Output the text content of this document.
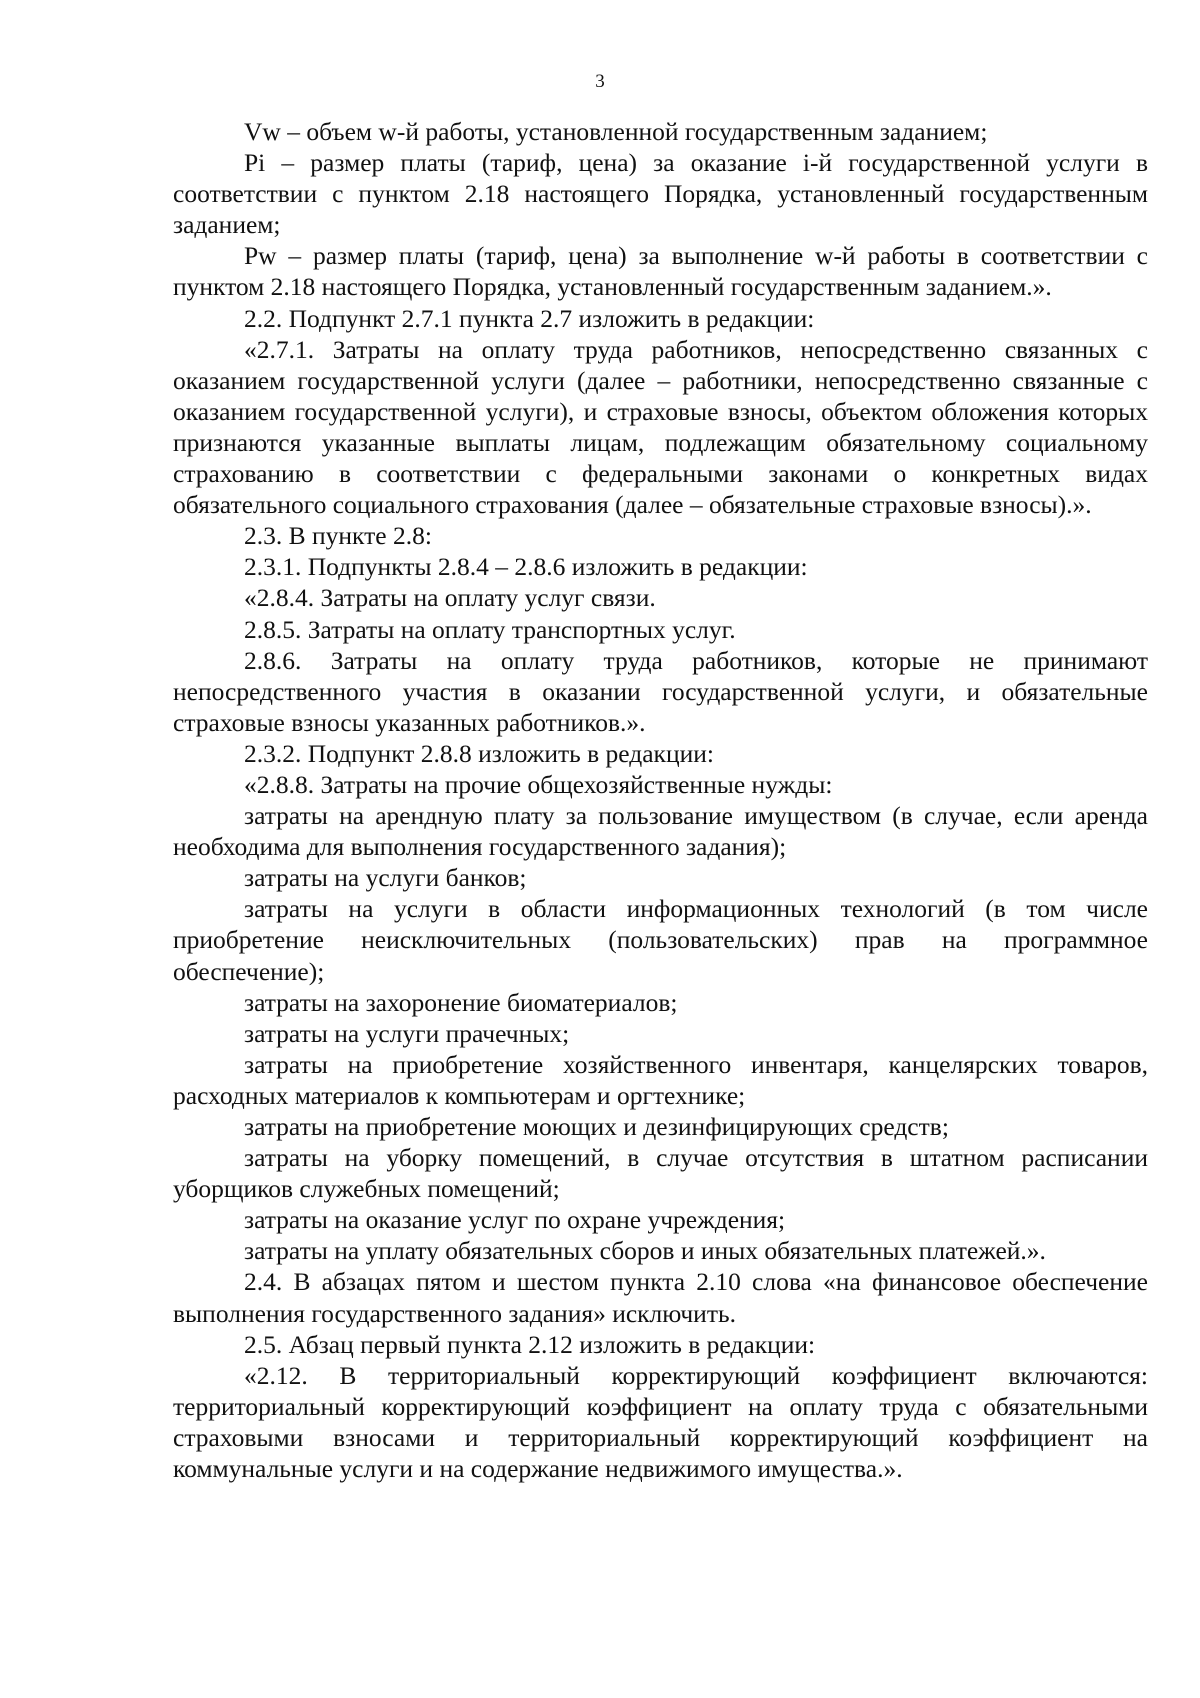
3

Vw – объем w-й работы, установленной государственным заданием;

Pi – размер платы (тариф, цена) за оказание i-й государственной услуги в соответствии с пунктом 2.18 настоящего Порядка, установленный государственным заданием;

Pw – размер платы (тариф, цена) за выполнение w-й работы в соответствии с пунктом 2.18 настоящего Порядка, установленный государственным заданием.».

2.2. Подпункт 2.7.1 пункта 2.7 изложить в редакции:

«2.7.1. Затраты на оплату труда работников, непосредственно связанных с оказанием государственной услуги (далее – работники, непосредственно связанные с оказанием государственной услуги), и страховые взносы, объектом обложения которых признаются указанные выплаты лицам, подлежащим обязательному социальному страхованию в соответствии с федеральными законами о конкретных видах обязательного социального страхования (далее – обязательные страховые взносы).».

2.3. В пункте 2.8:

2.3.1. Подпункты 2.8.4 – 2.8.6 изложить в редакции:

«2.8.4. Затраты на оплату услуг связи.

2.8.5. Затраты на оплату транспортных услуг.

2.8.6. Затраты на оплату труда работников, которые не принимают непосредственного участия в оказании государственной услуги, и обязательные страховые взносы указанных работников.».

2.3.2. Подпункт 2.8.8 изложить в редакции:

«2.8.8. Затраты на прочие общехозяйственные нужды:

затраты на арендную плату за пользование имуществом (в случае, если аренда необходима для выполнения государственного задания);

затраты на услуги банков;

затраты на услуги в области информационных технологий (в том числе приобретение неисключительных (пользовательских) прав на программное обеспечение);

затраты на захоронение биоматериалов;

затраты на услуги прачечных;

затраты на приобретение хозяйственного инвентаря, канцелярских товаров, расходных материалов к компьютерам и оргтехнике;

затраты на приобретение моющих и дезинфицирующих средств;

затраты на уборку помещений, в случае отсутствия в штатном расписании уборщиков служебных помещений;

затраты на оказание услуг по охране учреждения;

затраты на уплату обязательных сборов и иных обязательных платежей.».

2.4. В абзацах пятом и шестом пункта 2.10 слова «на финансовое обеспечение выполнения государственного задания» исключить.

2.5. Абзац первый пункта 2.12 изложить в редакции:

«2.12. В территориальный корректирующий коэффициент включаются: территориальный корректирующий коэффициент на оплату труда с обязательными страховыми взносами и территориальный корректирующий коэффициент на коммунальные услуги и на содержание недвижимого имущества.».
